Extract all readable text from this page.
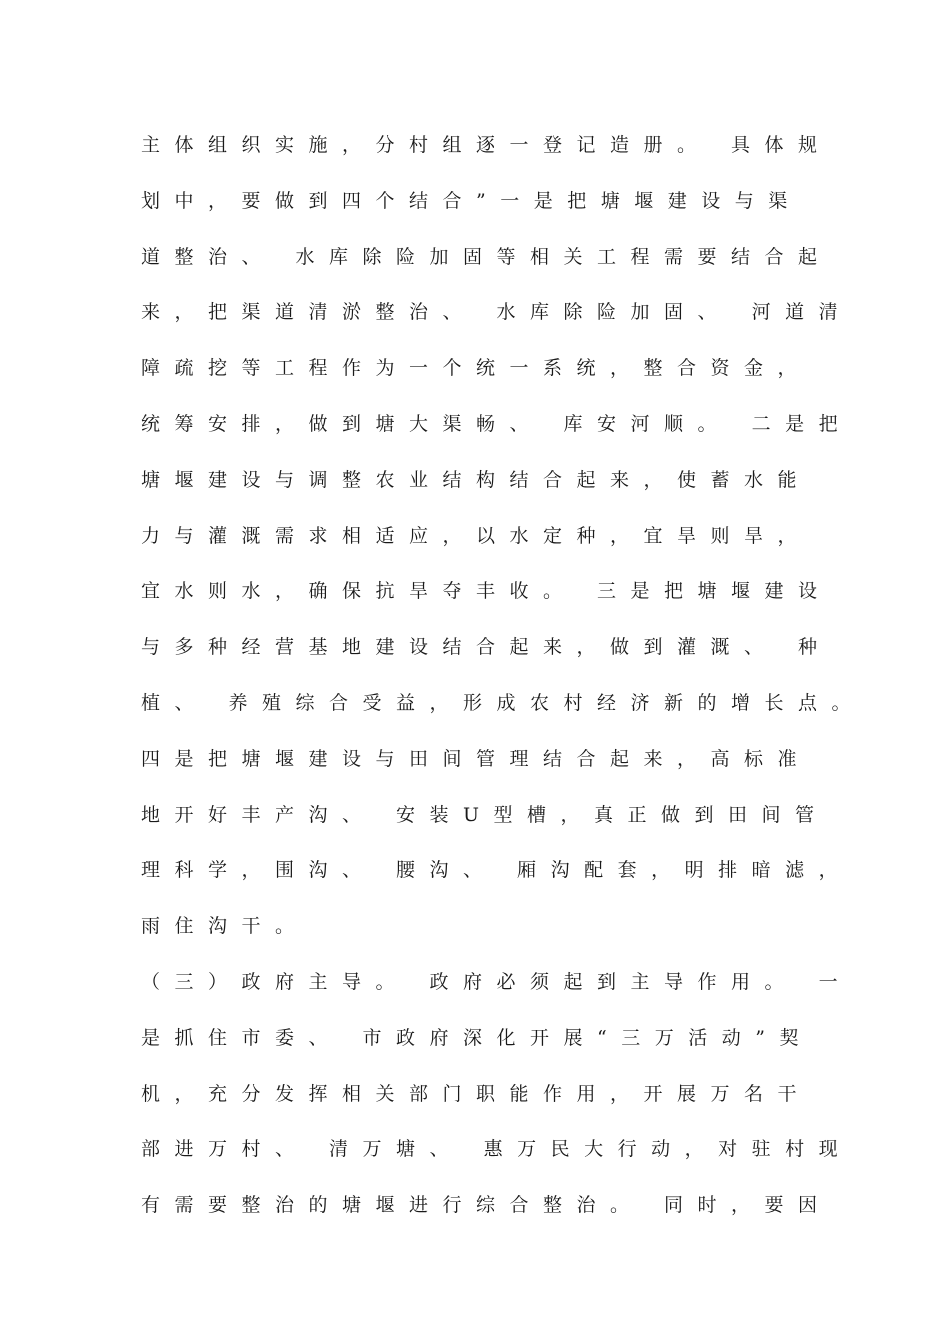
主体组织实施，分村组逐一登记造册。 具体规
划中，要做到四个结合”一是把塘堰建设与渠
道整治、 水库除险加固等相关工程需要结合起
来，把渠道清淤整治、 水库除险加固、 河道清
障疏挖等工程作为一个统一系统，整合资金，
统筹安排，做到塘大渠畅、 库安河顺。 二是把
塘堰建设与调整农业结构结合起来，使蓄水能
力与灌溉需求相适应，以水定种，宜旱则旱，
宜水则水，确保抗旱夺丰收。 三是把塘堰建设
与多种经营基地建设结合起来，做到灌溉、 种
植、 养殖综合受益，形成农村经济新的增长点。
四是把塘堰建设与田间管理结合起来，高标准
地开好丰产沟、 安装U型槽，真正做到田间管
理科学，围沟、 腰沟、 厢沟配套，明排暗滤，
雨住沟干。
（三）政府主导。 政府必须起到主导作用。 一
是抓住市委、 市政府深化开展“三万活动”契
机，充分发挥相关部门职能作用，开展万名干
部进万村、 清万塘、 惠万民大行动，对驻村现
有需要整治的塘堰进行综合整治。 同时，要因
